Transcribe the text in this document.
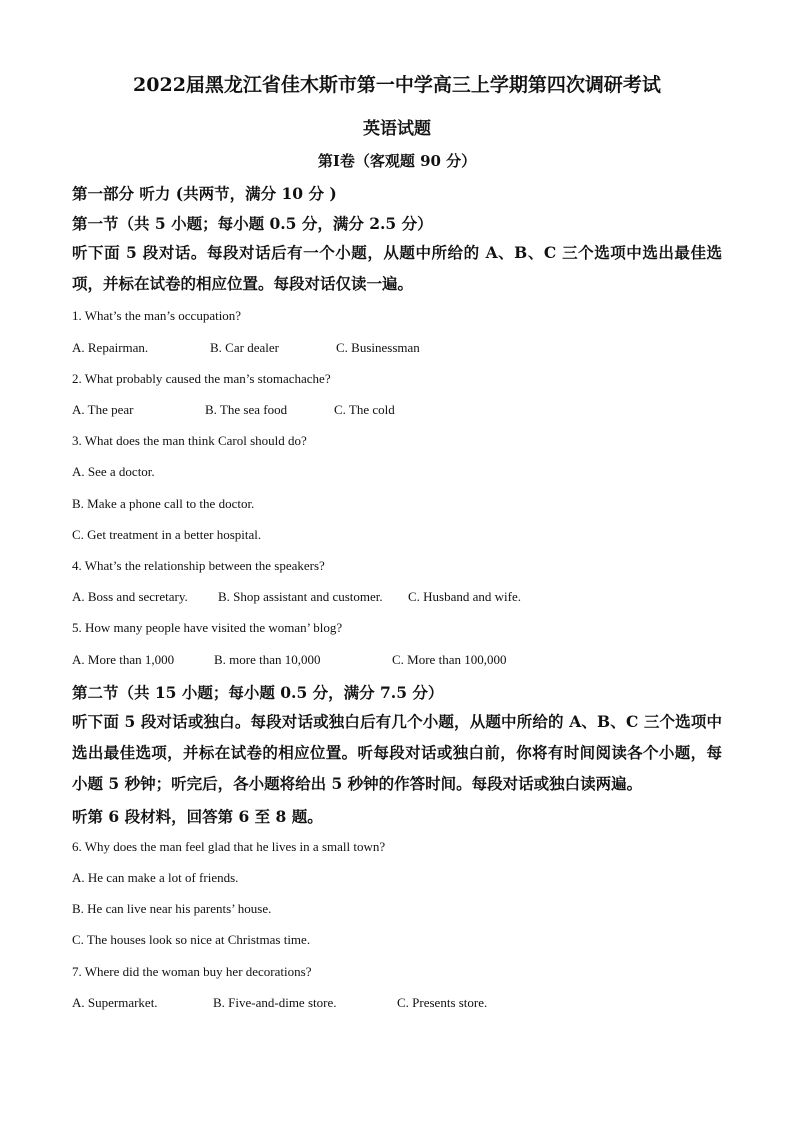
2022届黑龙江省佳木斯市第一中学高三上学期第四次调研考试
英语试题
第I卷（客观题 90 分）
第一部分 听力 (共两节，满分 10 分 )
第一节（共 5 小题；每小题 0.5 分，满分 2.5 分）
听下面 5 段对话。每段对话后有一个小题，从题中所给的 A、B、C 三个选项中选出最佳选项，并标在试卷的相应位置。每段对话仅读一遍。
1. What’s the man’s occupation?
A. Repairman.	B. Car dealer	C. Businessman
2. What probably caused the man’s stomachache?
A. The pear	B. The sea food	C. The cold
3. What does the man think Carol should do?
A. See a doctor.
B. Make a phone call to the doctor.
C. Get treatment in a better hospital.
4. What’s the relationship between the speakers?
A. Boss and secretary. B. Shop assistant and customer. C. Husband and wife.
5. How many people have visited the woman’ blog?
A. More than 1,000	B. more than 10,000	C. More than 100,000
第二节（共 15 小题；每小题 0.5 分，满分 7.5 分）
听下面 5 段对话或独白。每段对话或独白后有几个小题，从题中所给的 A、B、C 三个选项中选出最佳选项，并标在试卷的相应位置。听每段对话或独白前，你将有时间阅读各个小题，每小题 5 秒钟；听完后，各小题将给出 5 秒钟的作答时间。每段对话或独白读两遍。
听第 6 段材料，回答第 6 至 8 题。
6. Why does the man feel glad that he lives in a small town?
A. He can make a lot of friends.
B. He can live near his parents’ house.
C. The houses look so nice at Christmas time.
7. Where did the woman buy her decorations?
A. Supermarket.	B. Five-and-dime store.	C. Presents store.
